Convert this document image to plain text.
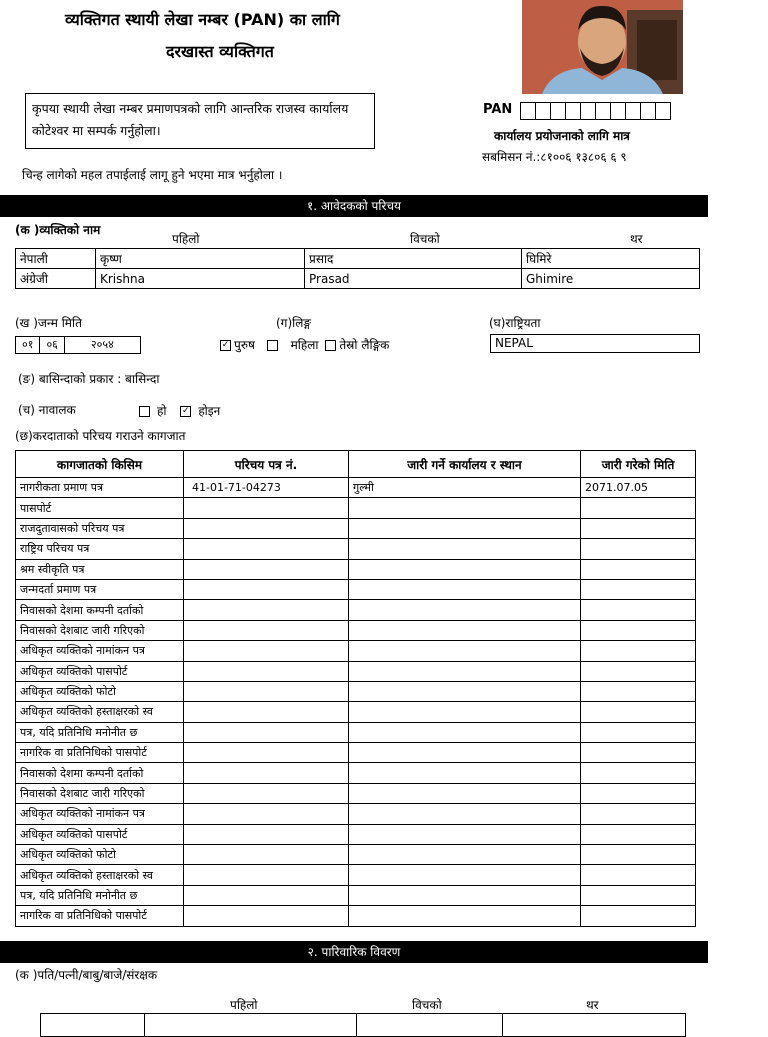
व्यक्तिगत स्थायी लेखा नम्बर (PAN) का लागि
दरखास्त व्यक्तिगत
कृपया स्थायी लेखा नम्बर प्रमाणपत्रको लागि आन्तरिक राजस्व कार्यालय कोटेश्वर मा सम्पर्क गर्नुहोला।
PAN
कार्यालय प्रयोजनाको लागि मात्र
सबमिसन नं.:८१००६ १३८०६ ६ ९
चिन्ह लागेको महल तपाईलाई लागू हुने भएमा मात्र भर्नुहोला ।
१. आवेदकको परिचय
(क )व्यक्तिको नाम
पहिलो	विचको	थर
नेपाली	कृष्ण	प्रसाद	घिमिरे
अंग्रेजी	Krishna	Prasad	Ghimire
(ख )जन्म मिति
०१	०६	२०५४
(ग)लिङ्ग
✓ पुरुष	महिला तेस्रो लैङ्गिक
(घ)राष्ट्रियता
NEPAL
(ङ) बासिन्दाको प्रकार : बासिन्दा
(च) नावालक	हो ✓ होइन
(छ)करदाताको परिचय गराउने कागजात
कागजातको किसिम	परिचय पत्र नं.	जारी गर्ने कार्यालय र स्थान	जारी गरेको मिति
नागरीकता प्रमाण पत्र	41-01-71-04273	गुल्मी	2071.07.05
पासपोर्ट			
राजदुतावासको परिचय पत्र			
राष्ट्रिय परिचय पत्र			
श्रम स्वीकृति पत्र			
जन्मदर्ता प्रमाण पत्र			
निवासको देशमा कम्पनी दर्ताको			
निवासको देशबाट जारी गरिएको			
अधिकृत व्यक्तिको नामांकन पत्र			
अधिकृत व्यक्तिको पासपोर्ट			
अधिकृत व्यक्तिको फोटो			
अधिकृत व्यक्तिको हस्ताक्षरको स्व			
पत्र, यदि प्रतिनिधि मनोनीत छ			
नागरिक वा प्रतिनिधिको पासपोर्ट			
निवासको देशमा कम्पनी दर्ताको			
निवासको देशबाट जारी गरिएको			
अधिकृत व्यक्तिको नामांकन पत्र			
अधिकृत व्यक्तिको पासपोर्ट			
अधिकृत व्यक्तिको फोटो			
अधिकृत व्यक्तिको हस्ताक्षरको स्व			
पत्र, यदि प्रतिनिधि मनोनीत छ			
नागरिक वा प्रतिनिधिको पासपोर्ट			
२. पारिवारिक विवरण
(क )पति/पत्नी/बाबु/बाजे/संरक्षक
पहिलो	विचको	थर
